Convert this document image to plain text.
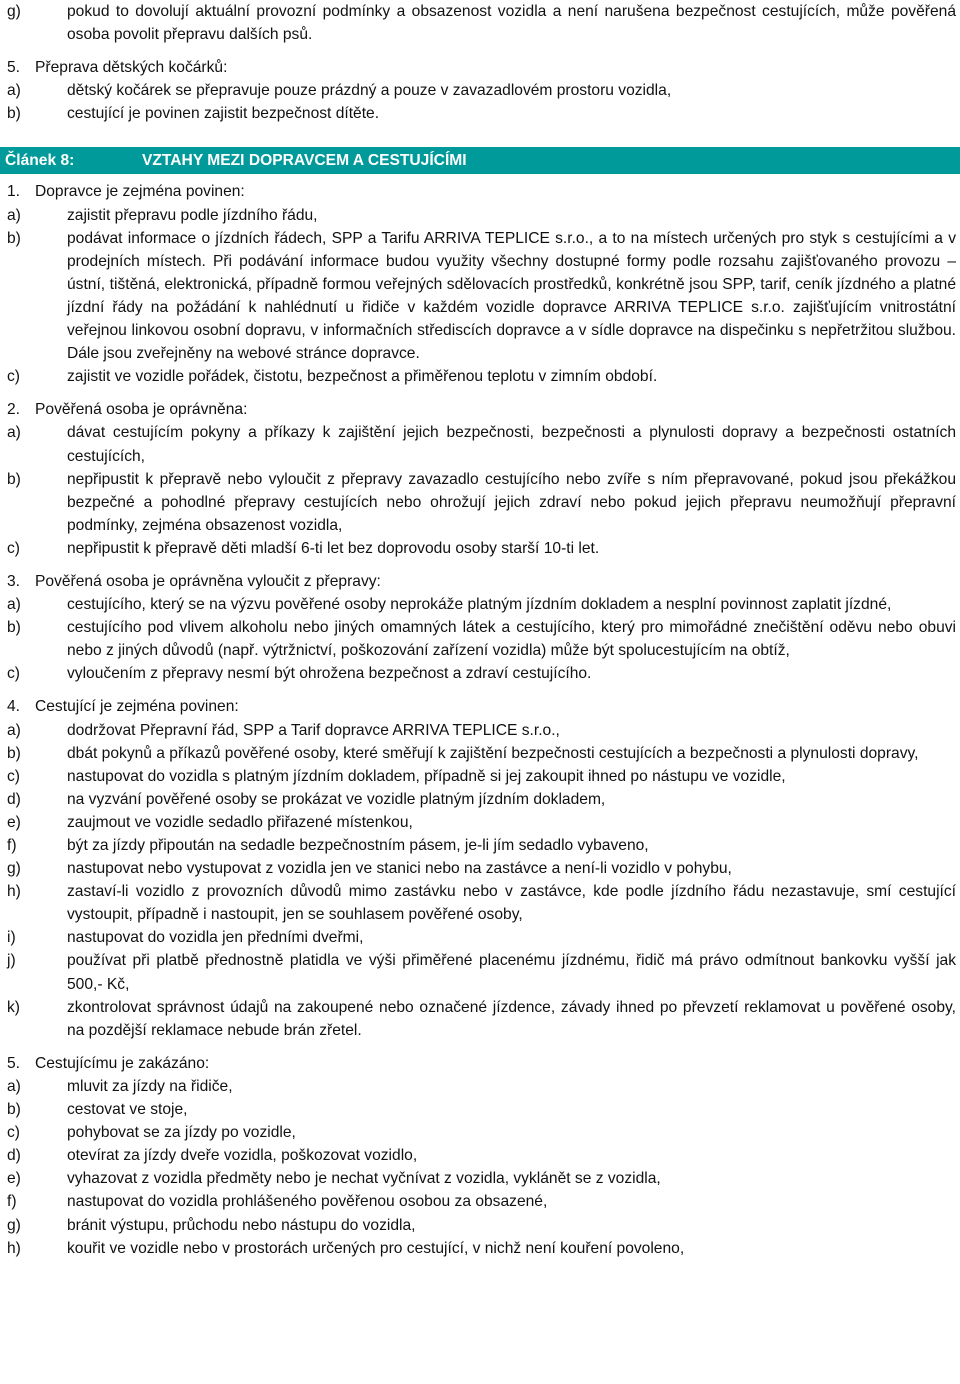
g)	pokud to dovolují aktuální provozní podmínky a obsazenost vozidla a není narušena bezpečnost cestujících, může pověřená osoba povolit přepravu dalších psů.
5. Přeprava dětských kočárků:
a)	dětský kočárek se přepravuje pouze prázdný a pouze v zavazadlovém prostoru vozidla,
b)	cestující je povinen zajistit bezpečnost dítěte.
Článek 8:	VZTAHY MEZI DOPRAVCEM A CESTUJÍCÍMI
1. Dopravce je zejména povinen:
a)	zajistit přepravu podle jízdního řádu,
b)	podávat informace o jízdních řádech, SPP a Tarifu ARRIVA TEPLICE s.r.o., a to na místech určených pro styk s cestujícími a v prodejních místech. Při podávání informace budou využity všechny dostupné formy podle rozsahu zajišťovaného provozu – ústní, tištěná, elektronická, případně formou veřejných sdělovacích prostředků, konkrétně jsou SPP, tarif, ceník jízdného a platné jízdní řády na požádání k nahlédnutí u řidiče v každém vozidle dopravce ARRIVA TEPLICE s.r.o. zajišťujícím vnitrostátní veřejnou linkovou osobní dopravu, v informačních střediscích dopravce a v sídle dopravce na dispečinku s nepřetržitou službou. Dále jsou zveřejněny na webové stránce dopravce.
c)	zajistit ve vozidle pořádek, čistotu, bezpečnost a přiměřenou teplotu v zimním období.
2. Pověřená osoba je oprávněna:
a)	dávat cestujícím pokyny a příkazy k zajištění jejich bezpečnosti, bezpečnosti a plynulosti dopravy a bezpečnosti ostatních cestujících,
b)	nepřipustit k přepravě nebo vyloučit z přepravy zavazadlo cestujícího nebo zvíře s ním přepravované, pokud jsou překážkou bezpečné a pohodlné přepravy cestujících nebo ohrožují jejich zdraví nebo pokud jejich přepravu neumožňují přepravní podmínky, zejména obsazenost vozidla,
c)	nepřipustit k přepravě děti mladší 6-ti let bez doprovodu osoby starší 10-ti let.
3. Pověřená osoba je oprávněna vyloučit z přepravy:
a)	cestujícího, který se na výzvu pověřené osoby neprokáže platným jízdním dokladem a nesplní povinnost zaplatit jízdné,
b)	cestujícího pod vlivem alkoholu nebo jiných omamných látek a cestujícího, který pro mimořádné znečištění oděvu nebo obuvi nebo z jiných důvodů (např. výtržnictví, poškozování zařízení vozidla) může být spolucestujícím na obtíž,
c)	vyloučením z přepravy nesmí být ohrožena bezpečnost a zdraví cestujícího.
4. Cestující je zejména povinen:
a)	dodržovat Přepravní řád, SPP a Tarif dopravce ARRIVA TEPLICE s.r.o.,
b)	dbát pokynů a příkazů pověřené osoby, které směřují k zajištění bezpečnosti cestujících a bezpečnosti a plynulosti dopravy,
c)	nastupovat do vozidla s platným jízdním dokladem, případně si jej zakoupit ihned po nástupu ve vozidle,
d)	na vyzvání pověřené osoby se prokázat ve vozidle platným jízdním dokladem,
e)	zaujmout ve vozidle sedadlo přiřazené místenkou,
f)	být za jízdy připoután na sedadle bezpečnostním pásem, je-li jím sedadlo vybaveno,
g)	nastupovat nebo vystupovat z vozidla jen ve stanici nebo na zastávce a není-li vozidlo v pohybu,
h)	zastaví-li vozidlo z provozních důvodů mimo zastávku nebo v zastávce, kde podle jízdního řádu nezastavuje, smí cestující vystoupit, případně i nastoupit, jen se souhlasem pověřené osoby,
i)	nastupovat do vozidla jen předními dveřmi,
j)	používat při platbě přednostně platidla ve výši přiměřené placenému jízdnému, řidič má právo odmítnout bankovku vyšší jak 500,- Kč,
k)	zkontrolovat správnost údajů na zakoupené nebo označené jízdence, závady ihned po převzetí reklamovat u pověřené osoby, na pozdější reklamace nebude brán zřetel.
5. Cestujícímu je zakázáno:
a)	mluvit za jízdy na řidiče,
b)	cestovat ve stoje,
c)	pohybovat se za jízdy po vozidle,
d)	otevírat za jízdy dveře vozidla, poškozovat vozidlo,
e)	vyhazovat z vozidla předměty nebo je nechat vyčnívat z vozidla, vyklánět se z vozidla,
f)	nastupovat do vozidla prohlášeného pověřenou osobou za obsazené,
g)	bránit výstupu, průchodu nebo nástupu do vozidla,
h)	kouřit ve vozidle nebo v prostorách určených pro cestující, v nichž není kouření povoleno,
